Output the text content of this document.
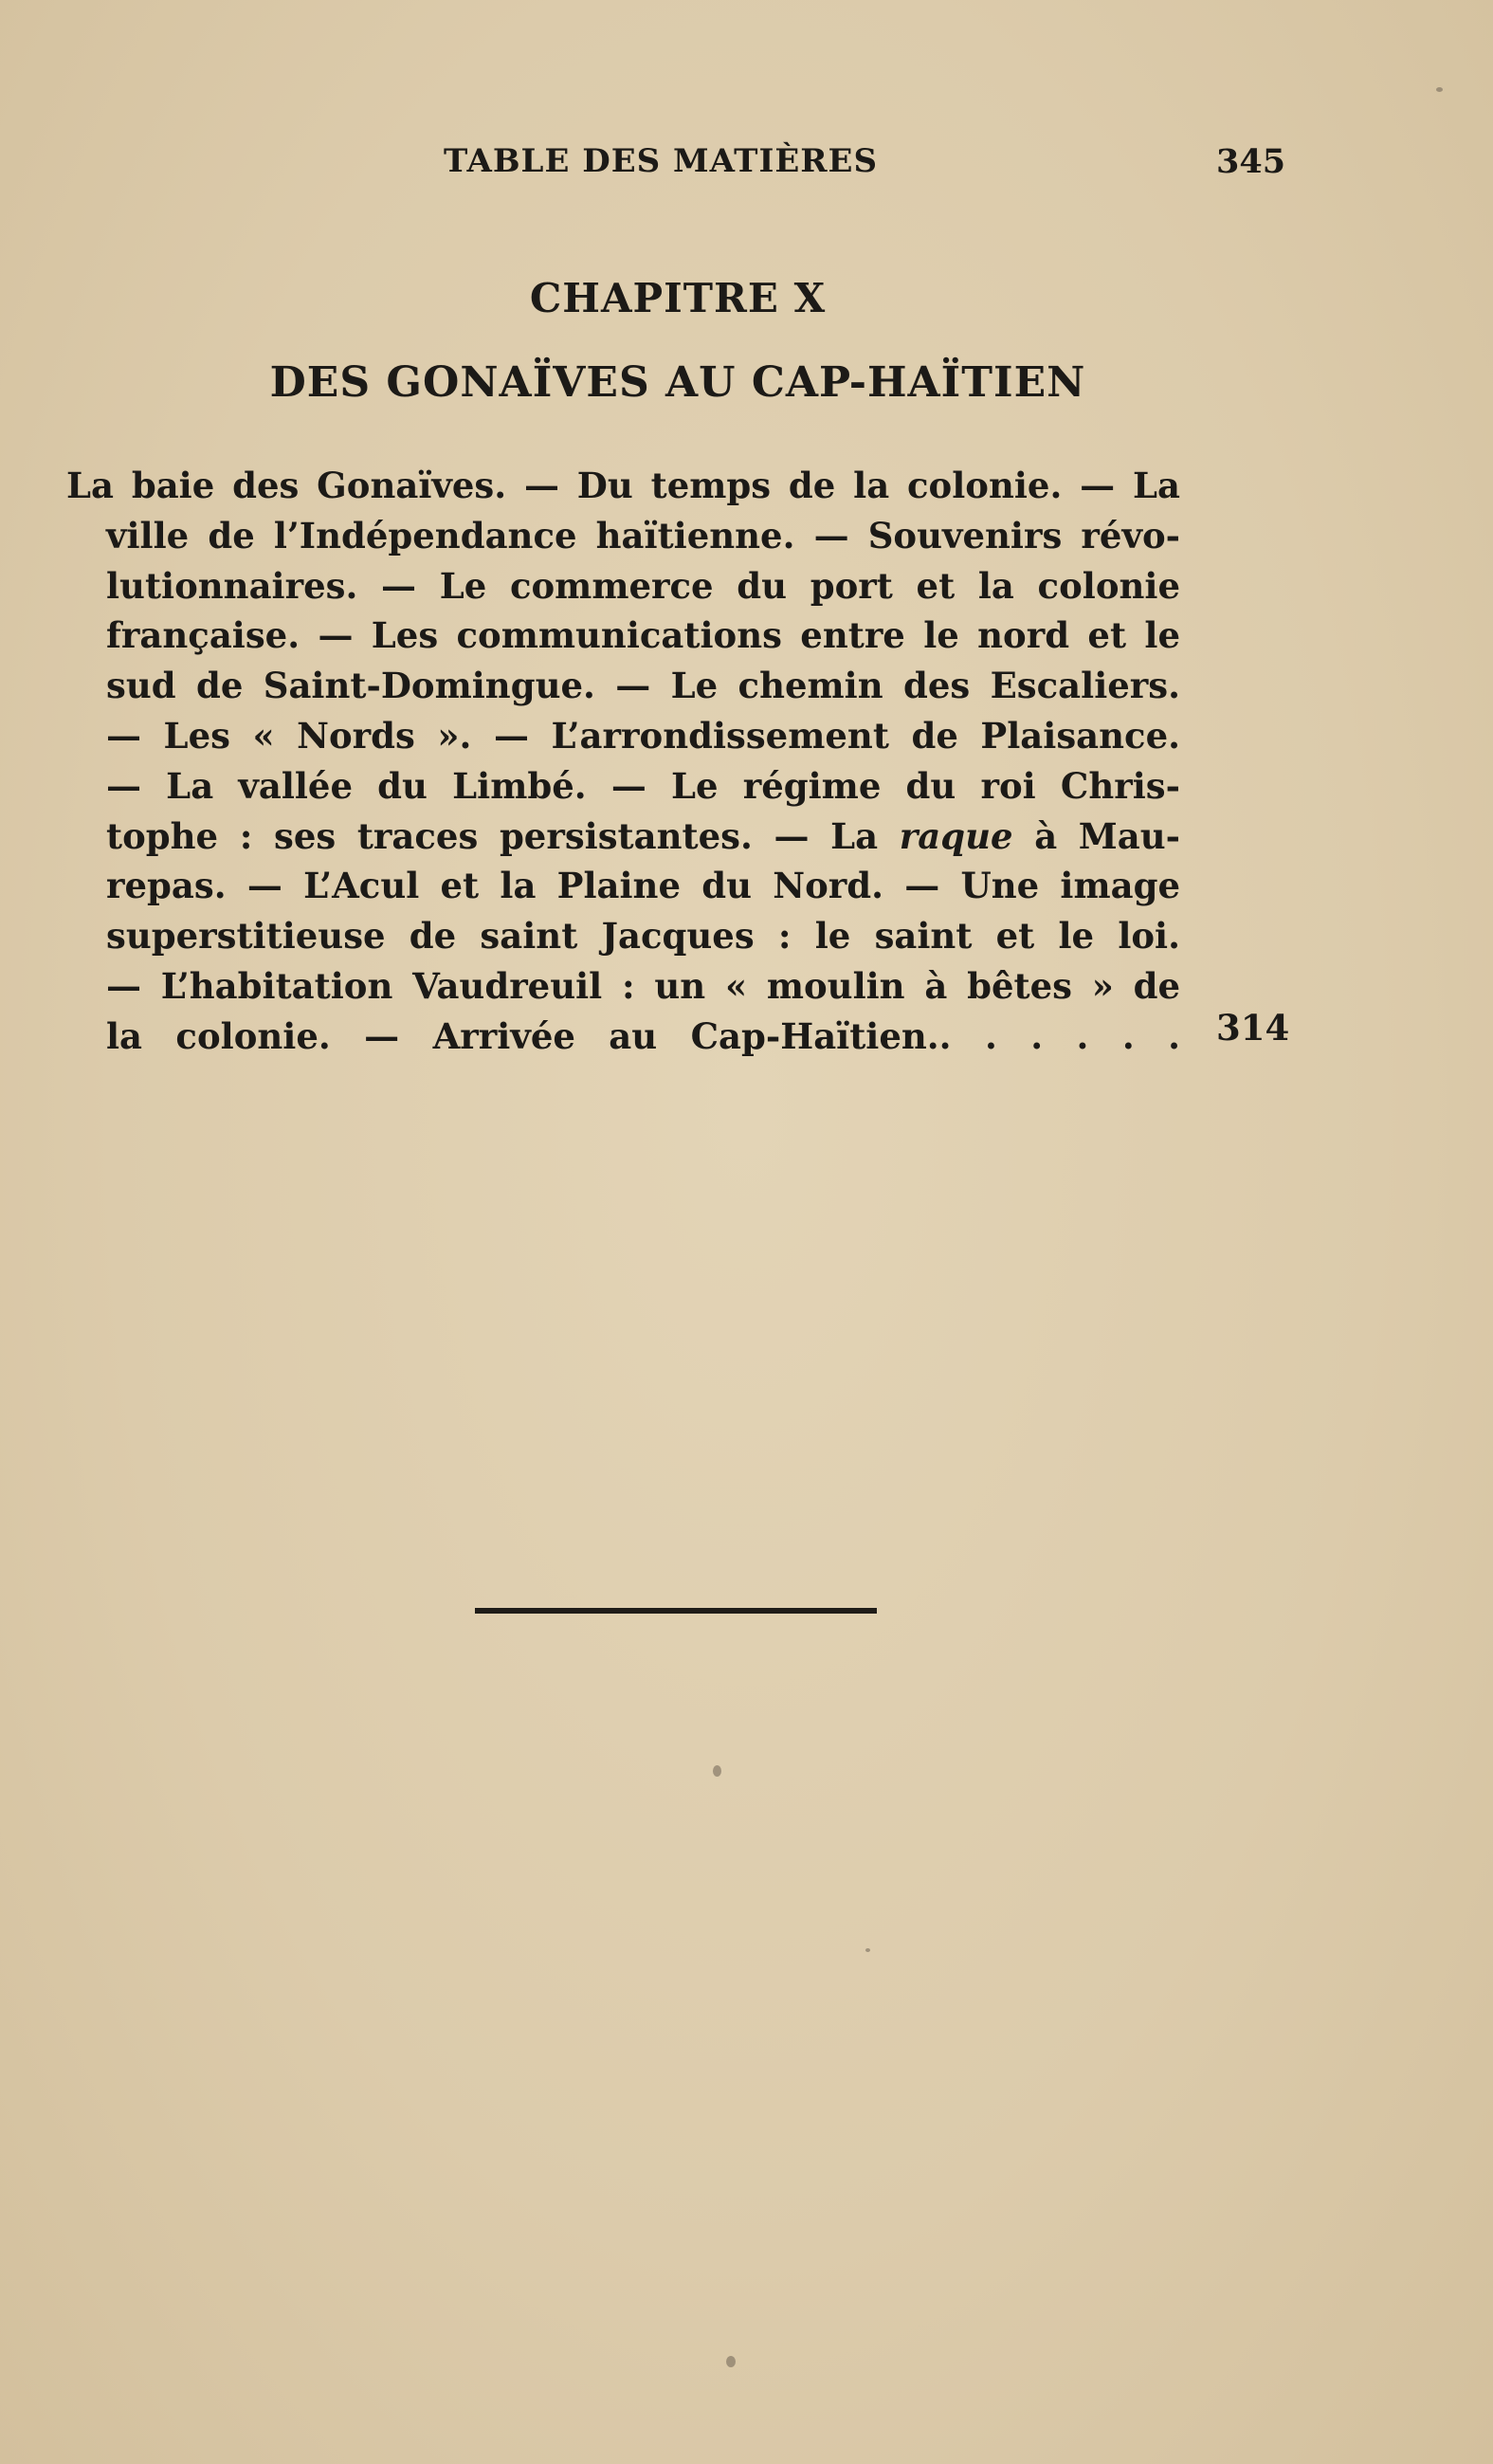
TABLE DES MATIÈRES	345
CHAPITRE X
DES GONAÏVES AU CAP-HAÏTIEN

La baie des Gonaïves. — Du temps de la colonie. — La
ville de l’Indépendance haïtienne. — Souvenirs révo-
lutionnaires. — Le commerce du port et la colonie
française. — Les communications entre le nord et le
sud de Saint-Domingue. — Le chemin des Escaliers.
— Les « Nords ». — L’arrondissement de Plaisance.
— La vallée du Limbé. — Le régime du roi Chris-
tophe : ses traces persistantes. — La raque à Mau-
repas. — L’Acul et la Plaine du Nord. — Une image
superstitieuse de saint Jacques : le saint et le loi.
— L’habitation Vaudreuil : un « moulin à bêtes » de
la colonie. — Arrivée au Cap-Haïtien.. . . . . . 314
